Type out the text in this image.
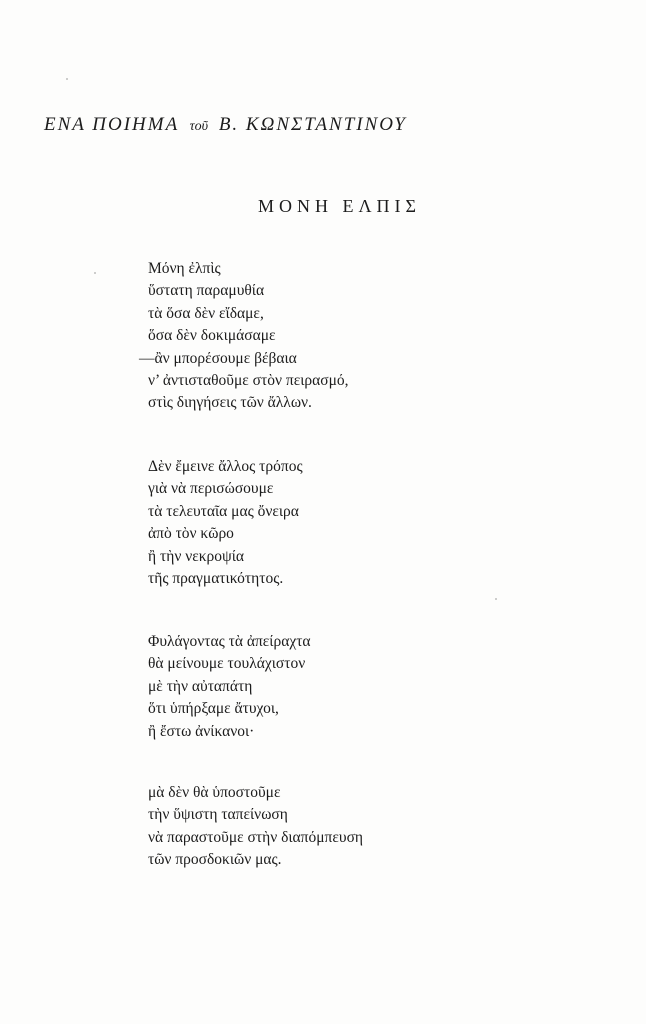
ΕΝΑ ΠΟΙΗΜΑ τοῦ Β. ΚΩΝΣΤΑΝΤΙΝΟΥ
ΜΟΝΗ ΕΛΠΙΣ
Μόνη ἐλπὶς
ὕστατη παραμυθία
τὰ ὅσα δὲν εἴδαμε,
ὅσα δὲν δοκιμάσαμε
—ἂν μπορέσουμε βέβαια
ν’ ἀντισταθοῦμε στὸν πειρασμό,
στὶς διηγήσεις τῶν ἄλλων.
Δὲν ἔμεινε ἄλλος τρόπος
γιὰ νὰ περισώσουμε
τὰ τελευταῖα μας ὄνειρα
ἀπὸ τὸν κῶρο
ἢ τὴν νεκροψία
τῆς πραγματικότητος.
Φυλάγοντας τὰ ἀπείραχτα
θὰ μείνουμε τουλάχιστον
μὲ τὴν αὐταπάτη
ὅτι ὑπήρξαμε ἄτυχοι,
ἢ ἔστω ἀνίκανοι·
μὰ δὲν θὰ ὑποστοῦμε
τὴν ὕψιστη ταπείνωση
νὰ παραστοῦμε στὴν διαπόμπευση
τῶν προσδοκιῶν μας.
